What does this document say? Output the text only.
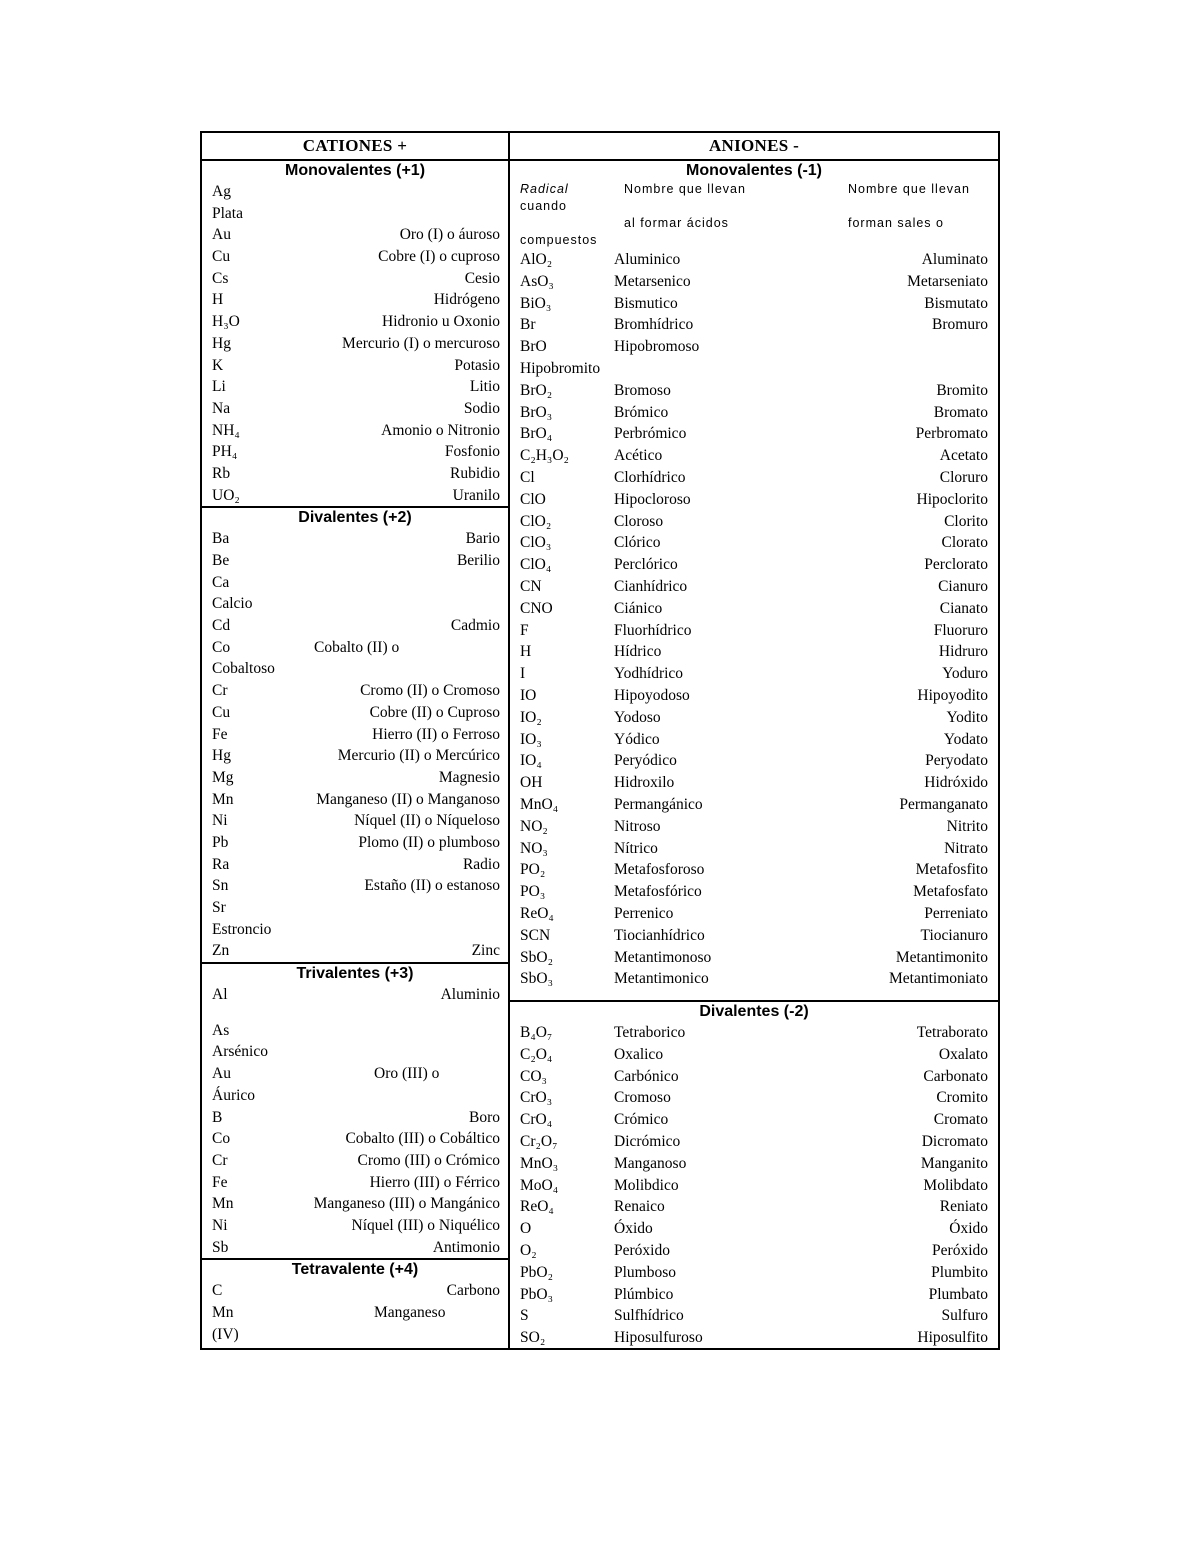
CATIONES +
Monovalentes (+1)
Ag
Plata
Au	Oro (I) o áuroso
Cu	Cobre (I) o cuproso
Cs	Cesio
H	Hidrógeno
H₃O	Hidronio u Oxonio
Hg	Mercurio (I) o mercuroso
K	Potasio
Li	Litio
Na	Sodio
NH₄	Amonio o Nitronio
PH₄	Fosfonio
Rb	Rubidio
UO₂	Uranilo
Divalentes (+2)
Ba	Bario
Be	Berilio
Ca
Calcio
Cd	Cadmio
Co	Cobalto (II) o
Cobaltoso
Cr	Cromo (II) o Cromoso
Cu	Cobre (II) o Cuproso
Fe	Hierro (II) o Ferroso
Hg	Mercurio (II) o Mercúrico
Mg	Magnesio
Mn	Manganeso (II) o Manganoso
Ni	Níquel (II) o Níqueloso
Pb	Plomo (II) o plumboso
Ra	Radio
Sn	Estaño (II) o estanoso
Sr
Estroncio
Zn	Zinc
Trivalentes (+3)
Al	Aluminio
As
Arsénico
Au	Oro (III) o
Áurico
B	Boro
Co	Cobalto (III) o Cobáltico
Cr	Cromo (III) o Crómico
Fe	Hierro (III) o Férrico
Mn	Manganeso (III) o Mangánico
Ni	Níquel (III) o Niquélico
Sb	Antimonio
Tetravalente (+4)
C	Carbono
Mn	Manganeso
(IV)
ANIONES -
Monovalentes (-1)
Radical	Nombre que llevan	Nombre que llevan
cuando
al formar ácidos	forman sales o
compuestos
AlO₂	Aluminico	Aluminato
AsO₃	Metarsenico	Metarseniato
BiO₃	Bismutico	Bismutato
Br	Bromhídrico	Bromuro
BrO	Hipobromoso
Hipobromito
BrO₂	Bromoso	Bromito
BrO₃	Brómico	Bromato
BrO₄	Perbrómico	Perbromato
C₂H₃O₂	Acético	Acetato
Cl	Clorhídrico	Cloruro
ClO	Hipocloroso	Hipoclorito
ClO₂	Cloroso	Clorito
ClO₃	Clórico	Clorato
ClO₄	Perclórico	Perclorato
CN	Cianhídrico	Cianuro
CNO	Ciánico	Cianato
F	Fluorhídrico	Fluoruro
H	Hídrico	Hidruro
I	Yodhídrico	Yoduro
IO	Hipoyodoso	Hipoyodito
IO₂	Yodoso	Yodito
IO₃	Yódico	Yodato
IO₄	Peryódico	Peryodato
OH	Hidroxilo	Hidróxido
MnO₄	Permangánico	Permanganato
NO₂	Nitroso	Nitrito
NO₃	Nítrico	Nitrato
PO₂	Metafosforoso	Metafosfito
PO₃	Metafosfórico	Metafosfato
ReO₄	Perrenico	Perreniato
SCN	Tiocianhídrico	Tiocianuro
SbO₂	Metantimonoso	Metantimonito
SbO₃	Metantimonico	Metantimoniato
Divalentes (-2)
B₄O₇	Tetraborico	Tetraborato
C₂O₄	Oxalico	Oxalato
CO₃	Carbónico	Carbonato
CrO₃	Cromoso	Cromito
CrO₄	Crómico	Cromato
Cr₂O₇	Dicrómico	Dicromato
MnO₃	Manganoso	Manganito
MoO₄	Molibdico	Molibdato
ReO₄	Renaico	Reniato
O	Óxido	Óxido
O₂	Peróxido	Peróxido
PbO₂	Plumboso	Plumbito
PbO₃	Plúmbico	Plumbato
S	Sulfhídrico	Sulfuro
SO₂	Hiposulfuroso	Hiposulfito
